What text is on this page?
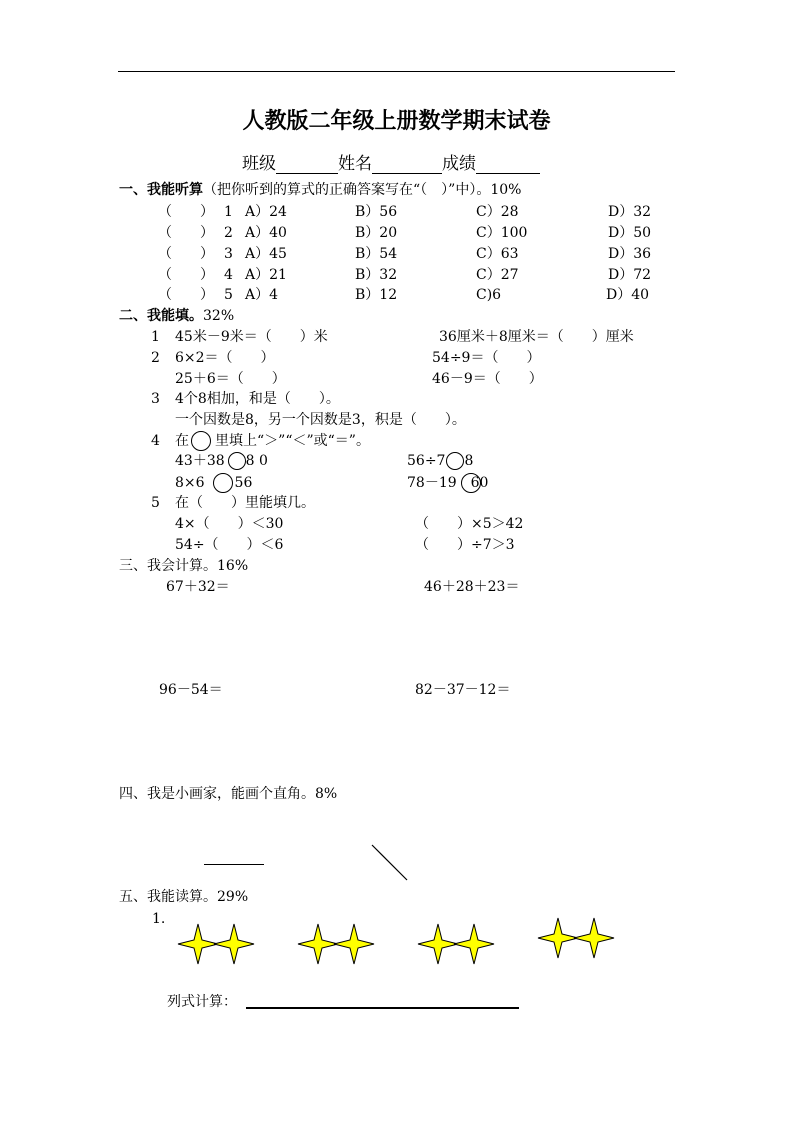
人教版二年级上册数学期末试卷
班级	姓名	成绩
一、我能听算（把你听到的算式的正确答案写在“（　）”中）。10%
（　　） 1 A）24	B）56	C）28	D）32
（　　） 2 A）40	B）20	C）100	D）50
（　　） 3 A）45	B）54	C）63	D）36
（　　） 4 A）21	B）32	C）27	D）72
（　　） 5 A）4	B）12	C)6	D）40
二、我能填。32%
1 45米－9米＝（　　）米	36厘米＋8厘米＝（　　）厘米
2 6×2＝（　　）	54÷9＝（　　）
25＋6＝（　　）	46－9＝（　　）
3 4个8相加，和是（　　）。
一个因数是8，另一个因数是3，积是（　　）。
4 在 里填上“＞”“＜”或“＝”。
43＋38 8 0	56÷7 8
8×6 56	78－19 60
5 在（　　）里能填几。
4×（　　）＜30	（　　）×5＞42
54÷（　　）＜6	（　　）÷7＞3
三、我会计算。16%
67＋32＝	46＋28＋23＝
96－54＝	82－37－12＝
四、我是小画家，能画个直角。8%
五、我能读算。29%
1.
列式计算：
